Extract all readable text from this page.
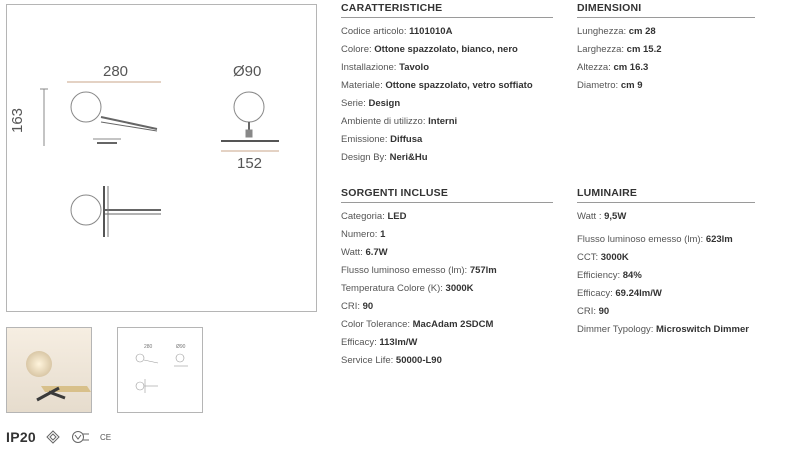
280
163
Ø90
152
280	Ø90
CARATTERISTICHE
Codice articolo: 1101010A
Colore: Ottone spazzolato, bianco, nero
Installazione: Tavolo
Materiale: Ottone spazzolato, vetro soffiato
Serie: Design
Ambiente di utilizzo: Interni
Emissione: Diffusa
Design By: Neri&Hu
DIMENSIONI
Lunghezza: cm 28
Larghezza: cm 15.2
Altezza: cm 16.3
Diametro: cm 9
SORGENTI INCLUSE
Categoria: LED
Numero: 1
Watt: 6.7W
Flusso luminoso emesso (lm): 757lm
Temperatura Colore (K): 3000K
CRI: 90
Color Tolerance: MacAdam 2SDCM
Efficacy: 113lm/W
Service Life: 50000-L90
LUMINAIRE
Watt : 9,5W
Flusso luminoso emesso (lm): 623lm
CCT: 3000K
Efficiency: 84%
Efficacy: 69.24lm/W
CRI: 90
Dimmer Typology: Microswitch Dimmer
IP20	CE
